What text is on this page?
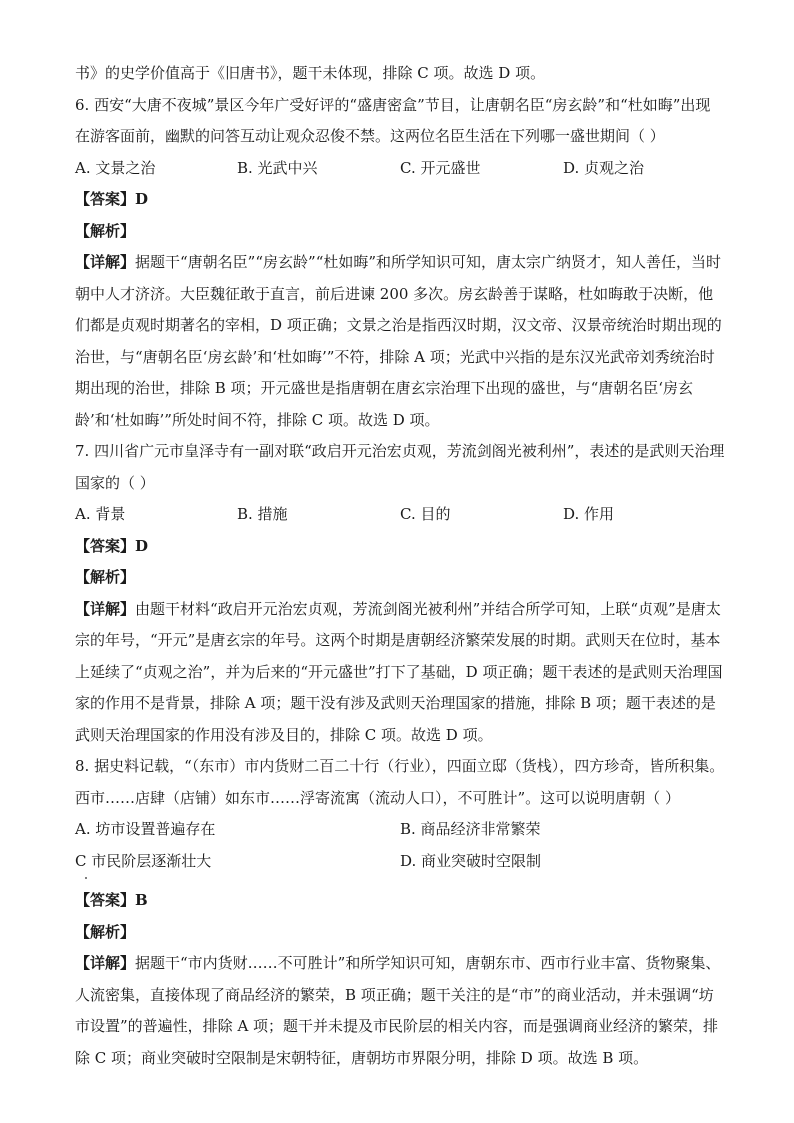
书》的史学价值高于《旧唐书》，题干未体现，排除 C 项。故选 D 项。

6. 西安“大唐不夜城”景区今年广受好评的“盛唐密盒”节目，让唐朝名臣“房玄龄”和“杜如晦”出现在游客面前，幽默的问答互动让观众忍俊不禁。这两位名臣生活在下列哪一盛世期间（ ）

A. 文景之治	B. 光武中兴	C. 开元盛世	D. 贞观之治

【答案】D

【解析】

【详解】据题干“唐朝名臣”“房玄龄”“杜如晦”和所学知识可知，唐太宗广纳贤才，知人善任，当时朝中人才济济。大臣魏征敢于直言，前后进谏 200 多次。房玄龄善于谋略，杜如晦敢于决断，他们都是贞观时期著名的宰相，D 项正确；文景之治是指西汉时期，汉文帝、汉景帝统治时期出现的治世，与“唐朝名臣‘房玄龄’和‘杜如晦’”不符，排除 A 项；光武中兴指的是东汉光武帝刘秀统治时期出现的治世，排除 B 项；开元盛世是指唐朝在唐玄宗治理下出现的盛世，与“唐朝名臣‘房玄龄’和‘杜如晦’”所处时间不符，排除 C 项。故选 D 项。

7. 四川省广元市皇泽寺有一副对联“政启开元治宏贞观，芳流剑阁光被利州”，表述的是武则天治理国家的（ ）

A. 背景	B. 措施	C. 目的	D. 作用

【答案】D

【解析】

【详解】由题干材料“政启开元治宏贞观，芳流剑阁光被利州”并结合所学可知，上联“贞观”是唐太宗的年号，“开元”是唐玄宗的年号。这两个时期是唐朝经济繁荣发展的时期。武则天在位时，基本上延续了“贞观之治”，并为后来的“开元盛世”打下了基础，D 项正确；题干表述的是武则天治理国家的作用不是背景，排除 A 项；题干没有涉及武则天治理国家的措施，排除 B 项；题干表述的是武则天治理国家的作用没有涉及目的，排除 C 项。故选 D 项。

8. 据史料记载，“（东市）市内货财二百二十行（行业），四面立邸（货栈），四方珍奇，皆所积集。西市……店肆（店铺）如东市……浮寄流寓（流动人口），不可胜计”。这可以说明唐朝（ ）

A. 坊市设置普遍存在	B. 商品经济非常繁荣
C 市民阶层逐渐壮大	D. 商业突破时空限制

【答案】B

【解析】

【详解】据题干“市内货财……不可胜计”和所学知识可知，唐朝东市、西市行业丰富、货物聚集、人流密集，直接体现了商品经济的繁荣，B 项正确；题干关注的是“市”的商业活动，并未强调“坊市设置”的普遍性，排除 A 项；题干并未提及市民阶层的相关内容，而是强调商业经济的繁荣，排除 C 项；商业突破时空限制是宋朝特征，唐朝坊市界限分明，排除 D 项。故选 B 项。
